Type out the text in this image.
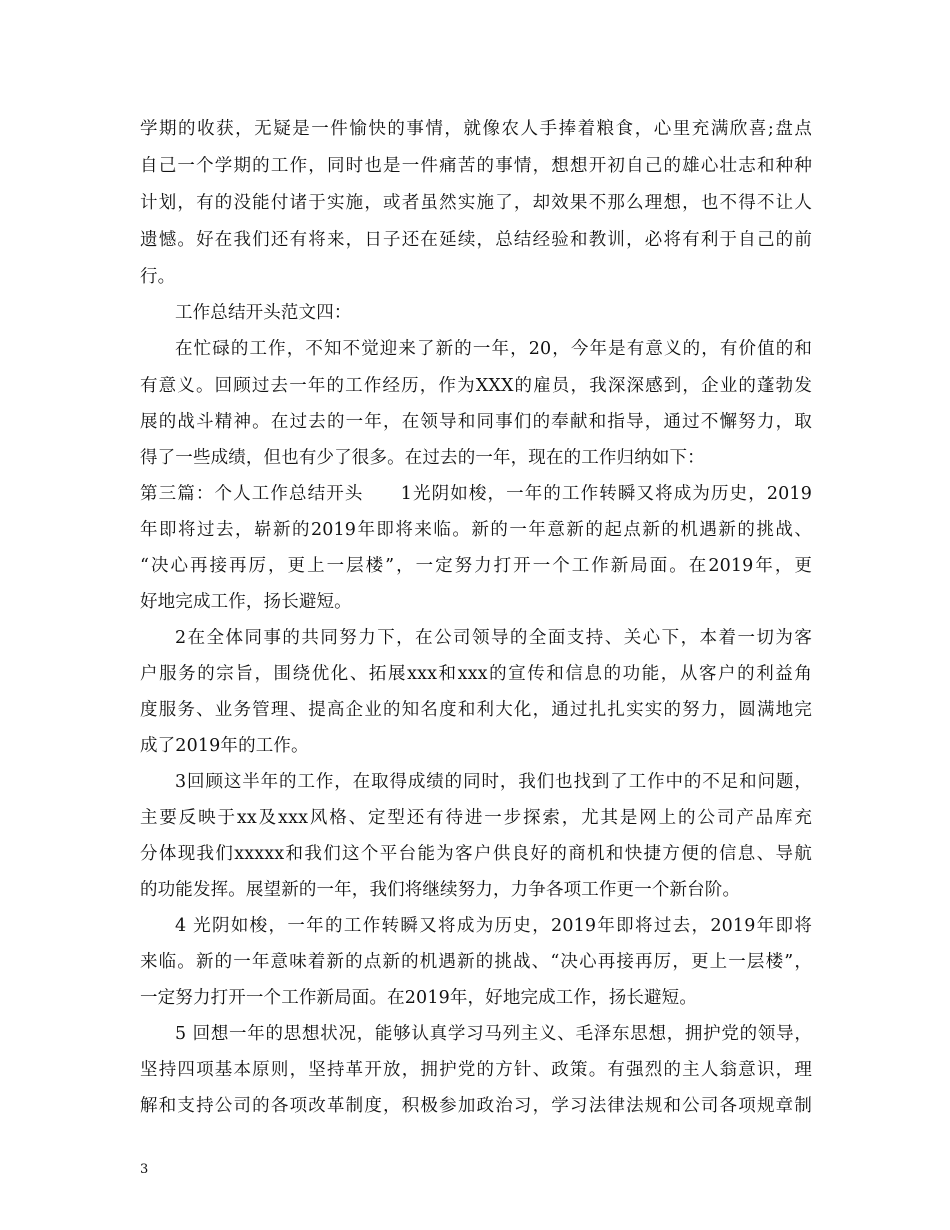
学期的收获，无疑是一件愉快的事情，就像农人手捧着粮食，心里充满欣喜;盘点
自己一个学期的工作，同时也是一件痛苦的事情，想想开初自己的雄心壮志和种种
计划，有的没能付诸于实施，或者虽然实施了，却效果不那么理想，也不得不让人
遗憾。好在我们还有将来，日子还在延续，总结经验和教训，必将有利于自己的前
行。
工作总结开头范文四：
在忙碌的工作，不知不觉迎来了新的一年，20，今年是有意义的，有价值的和
有意义。回顾过去一年的工作经历，作为XXX的雇员，我深深感到，企业的蓬勃发
展的战斗精神。在过去的一年，在领导和同事们的奉献和指导，通过不懈努力，取
得了一些成绩，但也有少了很多。在过去的一年，现在的工作归纳如下：
第三篇：个人工作总结开头　　1光阴如梭，一年的工作转瞬又将成为历史，2019
年即将过去，崭新的2019年即将来临。新的一年意新的起点新的机遇新的挑战、
“决心再接再厉，更上一层楼”，一定努力打开一个工作新局面。在2019年，更
好地完成工作，扬长避短。
2在全体同事的共同努力下，在公司领导的全面支持、关心下，本着一切为客
户服务的宗旨，围绕优化、拓展xxx和xxx的宣传和信息的功能，从客户的利益角
度服务、业务管理、提高企业的知名度和利大化，通过扎扎实实的努力，圆满地完
成了2019年的工作。
3回顾这半年的工作，在取得成绩的同时，我们也找到了工作中的不足和问题，
主要反映于xx及xxx风格、定型还有待进一步探索，尤其是网上的公司产品库充
分体现我们xxxxx和我们这个平台能为客户供良好的商机和快捷方便的信息、导航
的功能发挥。展望新的一年，我们将继续努力，力争各项工作更一个新台阶。
4 光阴如梭，一年的工作转瞬又将成为历史，2019年即将过去，2019年即将
来临。新的一年意味着新的点新的机遇新的挑战、“决心再接再厉，更上一层楼”，
一定努力打开一个工作新局面。在2019年，好地完成工作，扬长避短。
5 回想一年的思想状况，能够认真学习马列主义、毛泽东思想，拥护党的领导，
坚持四项基本原则，坚持革开放，拥护党的方针、政策。有强烈的主人翁意识，理
解和支持公司的各项改革制度，积极参加政治习，学习法律法规和公司各项规章制
3
